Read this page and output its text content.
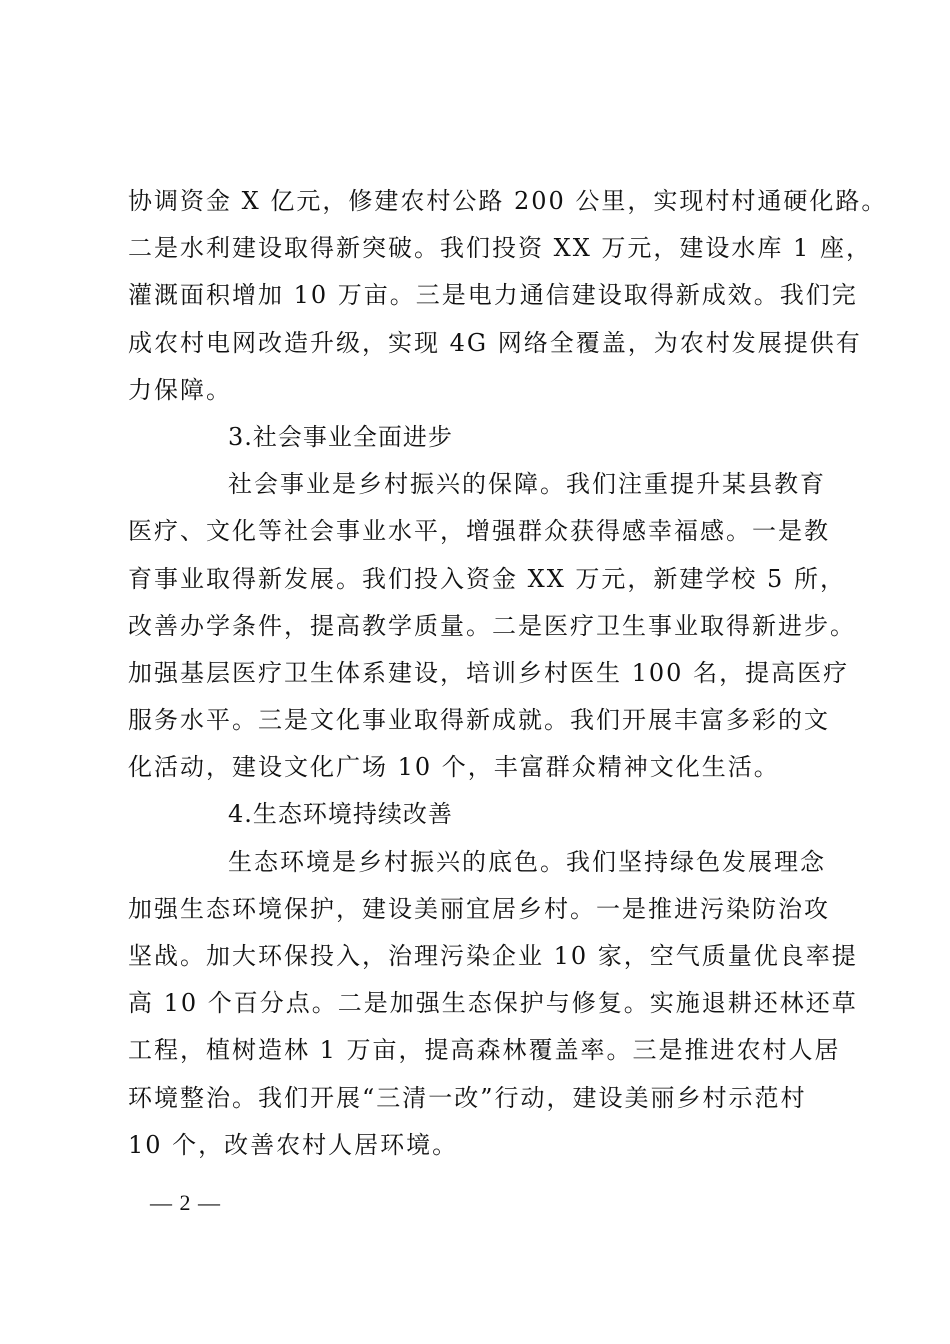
协调资金 X 亿元，修建农村公路 200 公里，实现村村通硬化路。
二是水利建设取得新突破。我们投资 XX 万元，建设水库 1 座，
灌溉面积增加 10 万亩。三是电力通信建设取得新成效。我们完
成农村电网改造升级，实现 4G 网络全覆盖，为农村发展提供有
力保障。
3.社会事业全面进步
社会事业是乡村振兴的保障。我们注重提升某县教育
医疗、文化等社会事业水平，增强群众获得感幸福感。一是教
育事业取得新发展。我们投入资金 XX 万元，新建学校 5 所，
改善办学条件，提高教学质量。二是医疗卫生事业取得新进步。
加强基层医疗卫生体系建设，培训乡村医生 100 名，提高医疗
服务水平。三是文化事业取得新成就。我们开展丰富多彩的文
化活动，建设文化广场 10 个，丰富群众精神文化生活。
4.生态环境持续改善
生态环境是乡村振兴的底色。我们坚持绿色发展理念
加强生态环境保护，建设美丽宜居乡村。一是推进污染防治攻
坚战。加大环保投入，治理污染企业 10 家，空气质量优良率提
高 10 个百分点。二是加强生态保护与修复。实施退耕还林还草
工程，植树造林 1 万亩，提高森林覆盖率。三是推进农村人居
环境整治。我们开展“三清一改”行动，建设美丽乡村示范村
10 个，改善农村人居环境。
— 2 —
